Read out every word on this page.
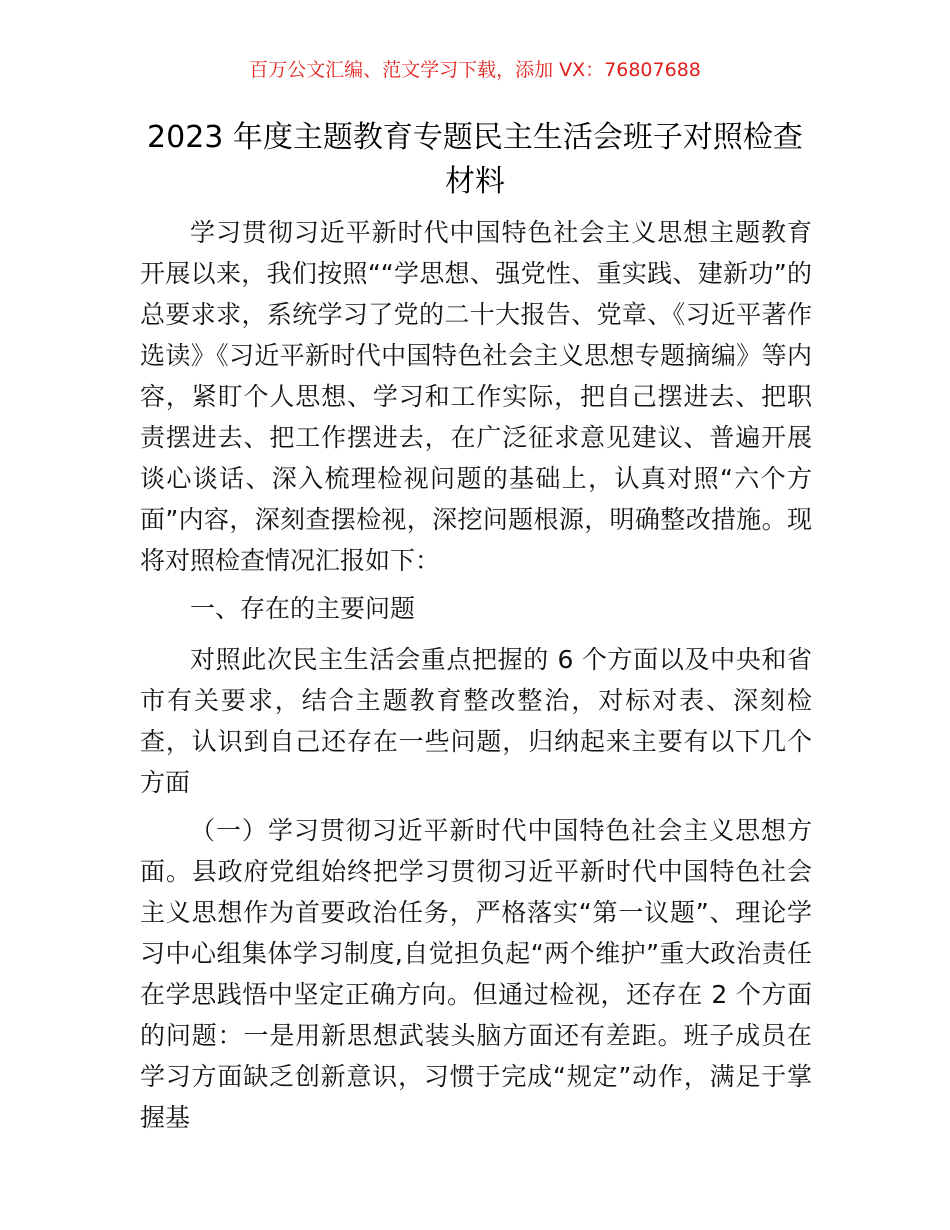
百万公文汇编、范文学习下载，添加 VX：76807688
2023 年度主题教育专题民主生活会班子对照检查材料

学习贯彻习近平新时代中国特色社会主义思想主题教育开展以来，我们按照““学思想、强党性、重实践、建新功”的总要求求，系统学习了党的二十大报告、党章、《习近平著作选读》《习近平新时代中国特色社会主义思想专题摘编》等内容，紧盯个人思想、学习和工作实际，把自己摆进去、把职责摆进去、把工作摆进去，在广泛征求意见建议、普遍开展谈心谈话、深入梳理检视问题的基础上，认真对照“六个方面”内容，深刻查摆检视，深挖问题根源，明确整改措施。现将对照检查情况汇报如下：

一、存在的主要问题

对照此次民主生活会重点把握的 6 个方面以及中央和省市有关要求，结合主题教育整改整治，对标对表、深刻检查，认识到自己还存在一些问题，归纳起来主要有以下几个方面

（一）学习贯彻习近平新时代中国特色社会主义思想方面。县政府党组始终把学习贯彻习近平新时代中国特色社会主义思想作为首要政治任务，严格落实“第一议题”、理论学习中心组集体学习制度,自觉担负起“两个维护”重大政治责任在学思践悟中坚定正确方向。但通过检视，还存在 2 个方面的问题：一是用新思想武装头脑方面还有差距。班子成员在学习方面缺乏创新意识，习惯于完成“规定”动作，满足于掌握基
